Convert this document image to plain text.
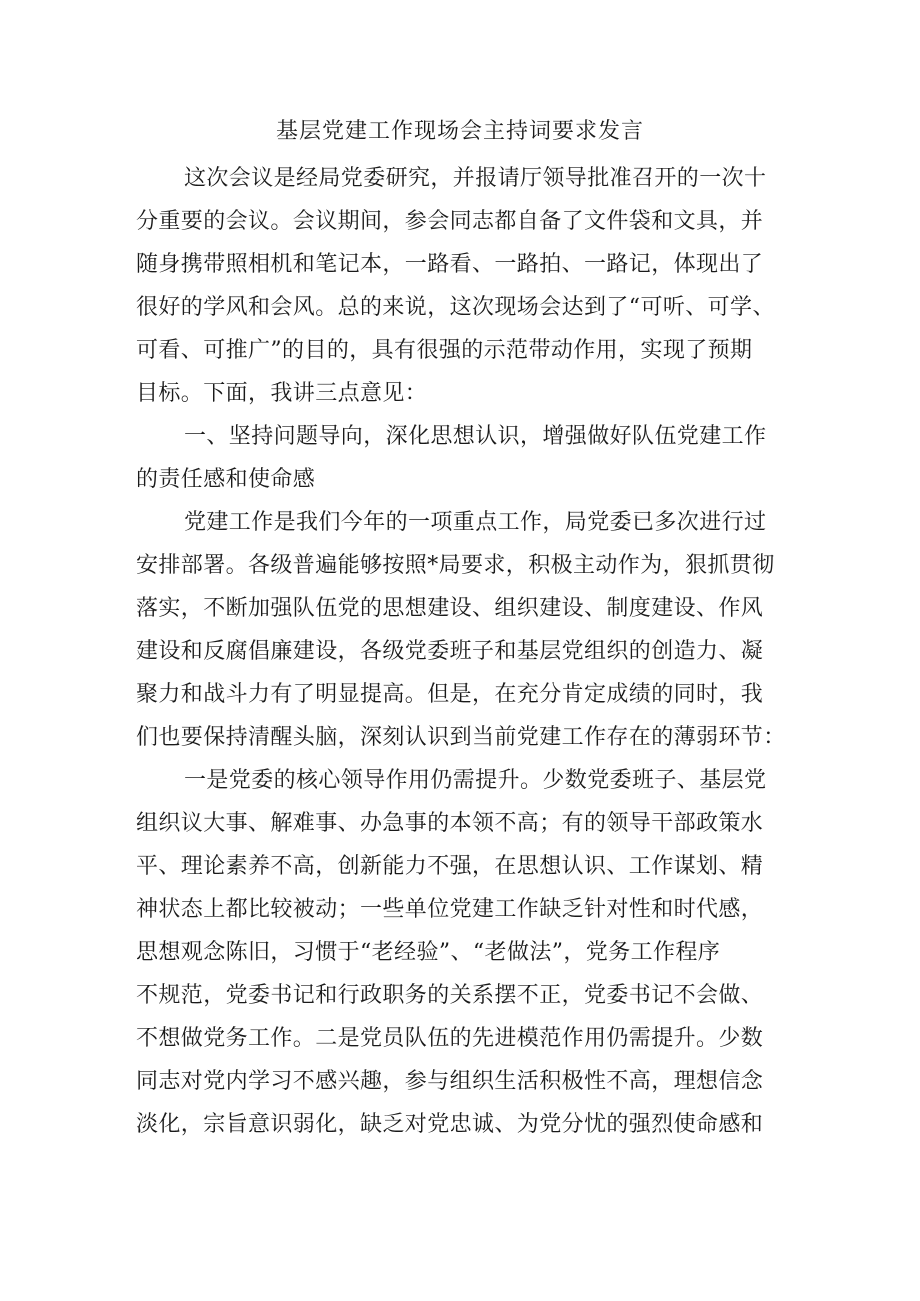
基层党建工作现场会主持词要求发言
这次会议是经局党委研究，并报请厅领导批准召开的一次十
分重要的会议。会议期间，参会同志都自备了文件袋和文具，并
随身携带照相机和笔记本，一路看、一路拍、一路记，体现出了
很好的学风和会风。总的来说，这次现场会达到了“可听、可学、
可看、可推广”的目的，具有很强的示范带动作用，实现了预期
目标。下面，我讲三点意见：
一、坚持问题导向，深化思想认识，增强做好队伍党建工作
的责任感和使命感
党建工作是我们今年的一项重点工作，局党委已多次进行过
安排部署。各级普遍能够按照*局要求，积极主动作为，狠抓贯彻
落实，不断加强队伍党的思想建设、组织建设、制度建设、作风
建设和反腐倡廉建设，各级党委班子和基层党组织的创造力、凝
聚力和战斗力有了明显提高。但是，在充分肯定成绩的同时，我
们也要保持清醒头脑，深刻认识到当前党建工作存在的薄弱环节：
一是党委的核心领导作用仍需提升。少数党委班子、基层党
组织议大事、解难事、办急事的本领不高；有的领导干部政策水
平、理论素养不高，创新能力不强，在思想认识、工作谋划、精
神状态上都比较被动；一些单位党建工作缺乏针对性和时代感，
思想观念陈旧，习惯于“老经验”、“老做法”，党务工作程序
不规范，党委书记和行政职务的关系摆不正，党委书记不会做、
不想做党务工作。二是党员队伍的先进模范作用仍需提升。少数
同志对党内学习不感兴趣，参与组织生活积极性不高，理想信念
淡化，宗旨意识弱化，缺乏对党忠诚、为党分忧的强烈使命感和
